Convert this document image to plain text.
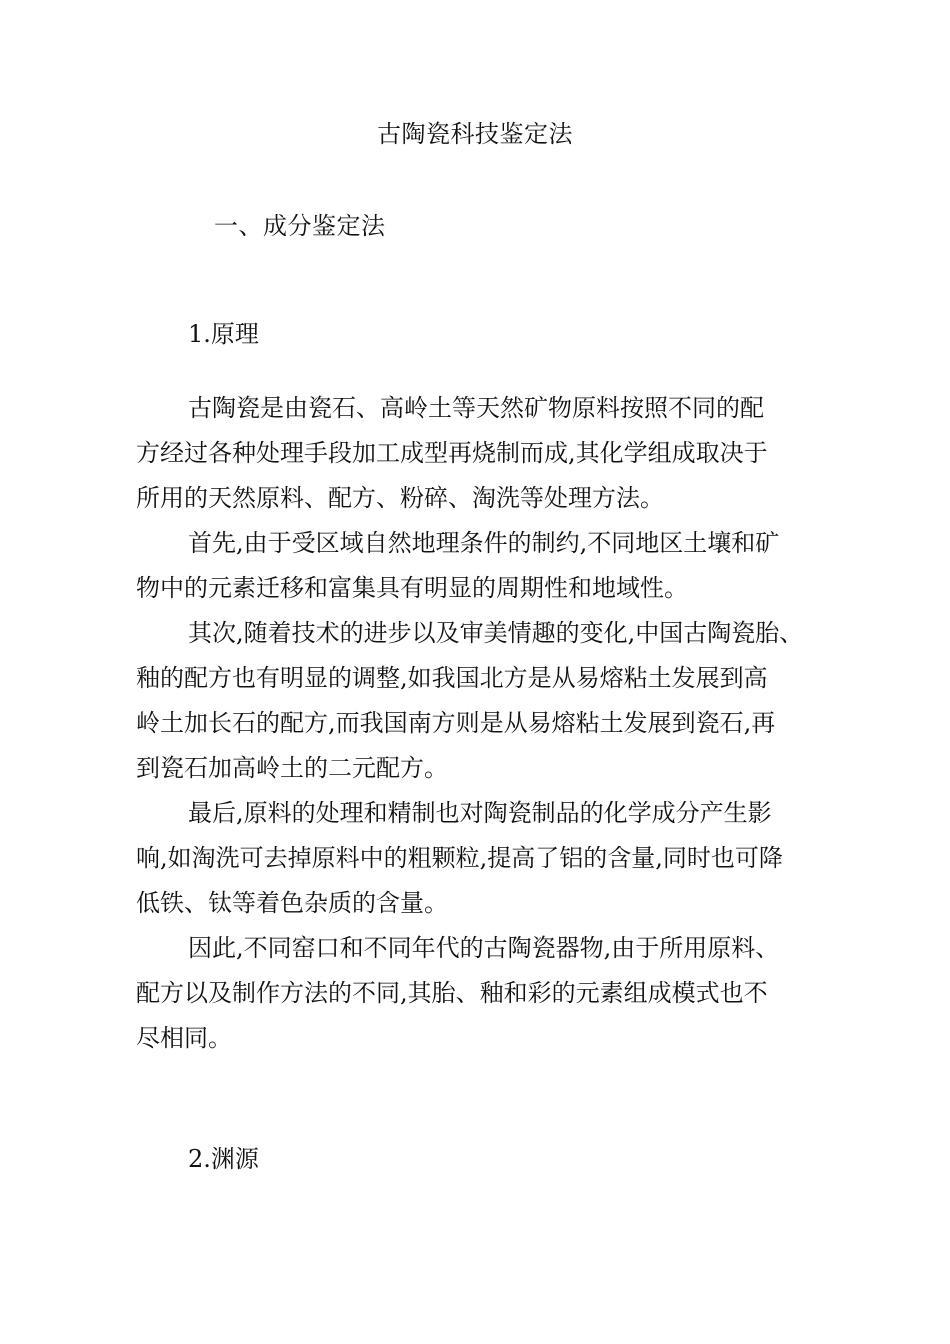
古陶瓷科技鉴定法
一、成分鉴定法
1.原理

古陶瓷是由瓷石、高岭土等天然矿物原料按照不同的配
方经过各种处理手段加工成型再烧制而成,其化学组成取决于
所用的天然原料、配方、粉碎、淘洗等处理方法。

首先,由于受区域自然地理条件的制约,不同地区土壤和矿
物中的元素迁移和富集具有明显的周期性和地域性。

其次,随着技术的进步以及审美情趣的变化,中国古陶瓷胎、
釉的配方也有明显的调整,如我国北方是从易熔粘土发展到高
岭土加长石的配方,而我国南方则是从易熔粘土发展到瓷石,再
到瓷石加高岭土的二元配方。

最后,原料的处理和精制也对陶瓷制品的化学成分产生影
响,如淘洗可去掉原料中的粗颗粒,提高了铝的含量,同时也可降
低铁、钛等着色杂质的含量。

因此,不同窑口和不同年代的古陶瓷器物,由于所用原料、
配方以及制作方法的不同,其胎、釉和彩的元素组成模式也不
尽相同。

2.渊源
